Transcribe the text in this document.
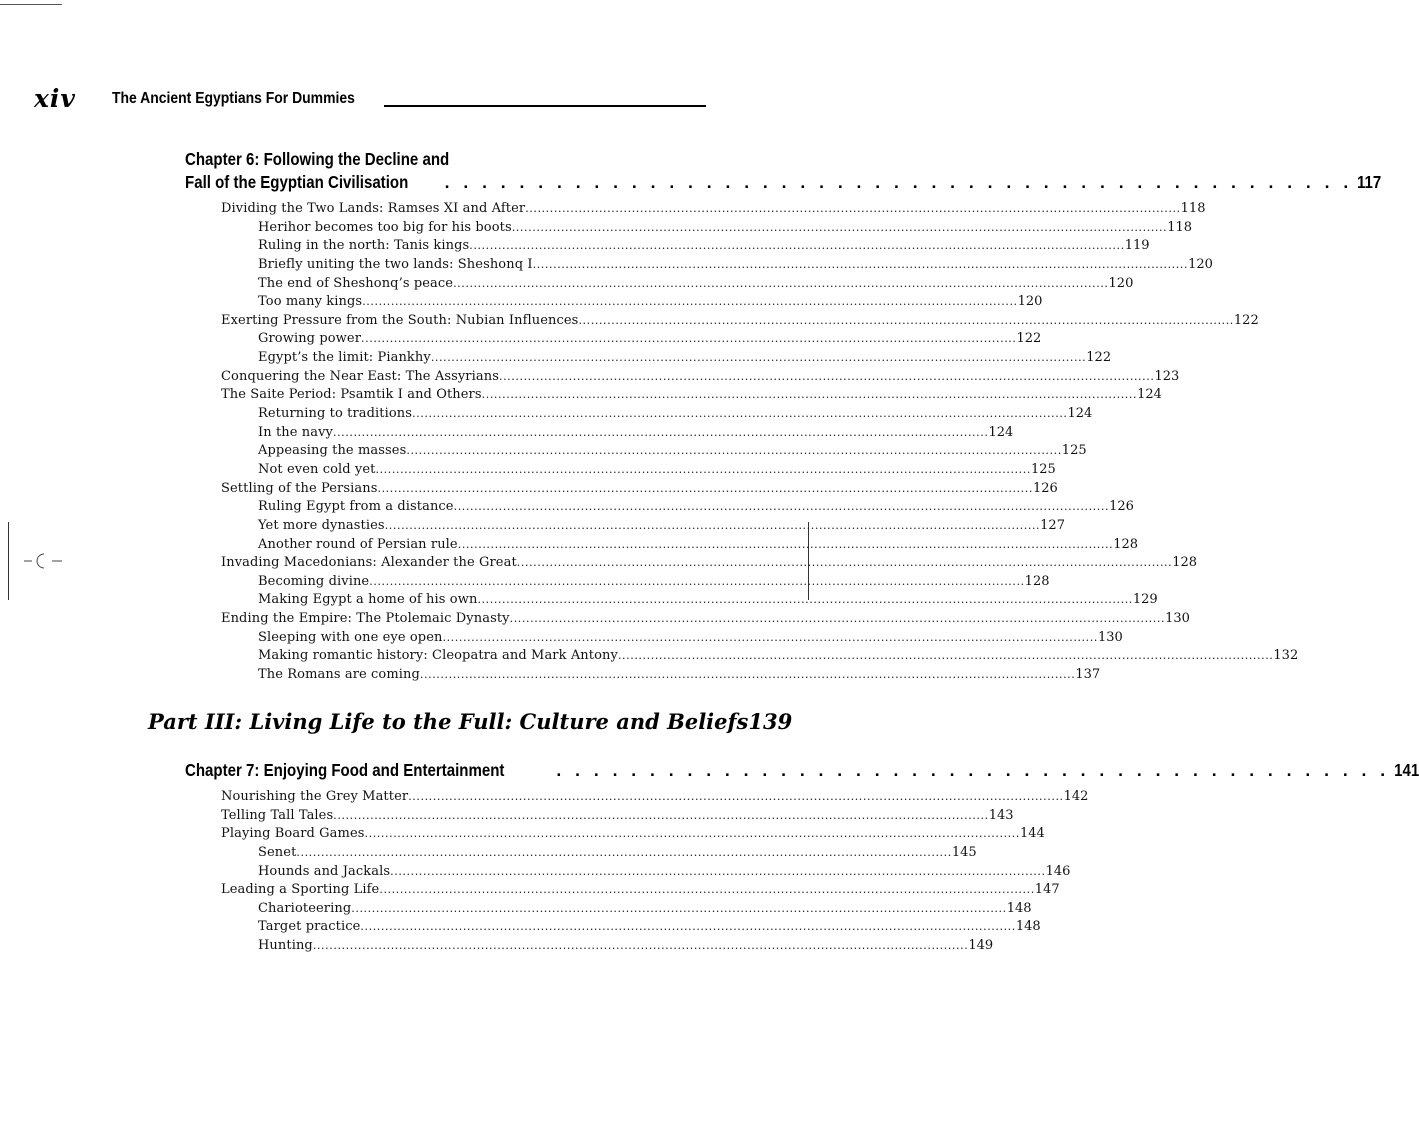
xiv The Ancient Egyptians For Dummies
Chapter 6: Following the Decline and
Fall of the Egyptian Civilisation . . . . . . . . . . . . . . . . . . . . . . . . . . . . . . . . . . . . . . . . . . . . . . . . . 117
Dividing the Two Lands: Ramses XI and After ................................................................................................................................................................ 118
Herihor becomes too big for his boots ................................................................................................................................................................ 118
Ruling in the north: Tanis kings ................................................................................................................................................................ 119
Briefly uniting the two lands: Sheshonq I ................................................................................................................................................................ 120
The end of Sheshonq’s peace ................................................................................................................................................................ 120
Too many kings ................................................................................................................................................................ 120
Exerting Pressure from the South: Nubian Influences ................................................................................................................................................................ 122
Growing power ................................................................................................................................................................ 122
Egypt’s the limit: Piankhy ................................................................................................................................................................ 122
Conquering the Near East: The Assyrians ................................................................................................................................................................ 123
The Saite Period: Psamtik I and Others ................................................................................................................................................................ 124
Returning to traditions ................................................................................................................................................................ 124
In the navy ................................................................................................................................................................ 124
Appeasing the masses ................................................................................................................................................................ 125
Not even cold yet ................................................................................................................................................................ 125
Settling of the Persians ................................................................................................................................................................ 126
Ruling Egypt from a distance ................................................................................................................................................................ 126
Yet more dynasties ................................................................................................................................................................ 127
Another round of Persian rule ................................................................................................................................................................ 128
Invading Macedonians: Alexander the Great ................................................................................................................................................................ 128
Becoming divine ................................................................................................................................................................ 128
Making Egypt a home of his own ................................................................................................................................................................ 129
Ending the Empire: The Ptolemaic Dynasty ................................................................................................................................................................ 130
Sleeping with one eye open ................................................................................................................................................................ 130
Making romantic history: Cleopatra and Mark Antony ................................................................................................................................................................ 132
The Romans are coming ................................................................................................................................................................ 137
Part III: Living Life to the Full: Culture and Beliefs 139
Chapter 7: Enjoying Food and Entertainment	. . . . . . . . . . . . . . . . . . . . . . . . . . . . . . . . . . . . . . . . . . . . . 141
Nourishing the Grey Matter ................................................................................................................................................................ 142
Telling Tall Tales ................................................................................................................................................................ 143
Playing Board Games ................................................................................................................................................................ 144
Senet ................................................................................................................................................................ 145
Hounds and Jackals ................................................................................................................................................................ 146
Leading a Sporting Life ................................................................................................................................................................ 147
Charioteering ................................................................................................................................................................ 148
Target practice ................................................................................................................................................................ 148
Hunting ................................................................................................................................................................ 149
